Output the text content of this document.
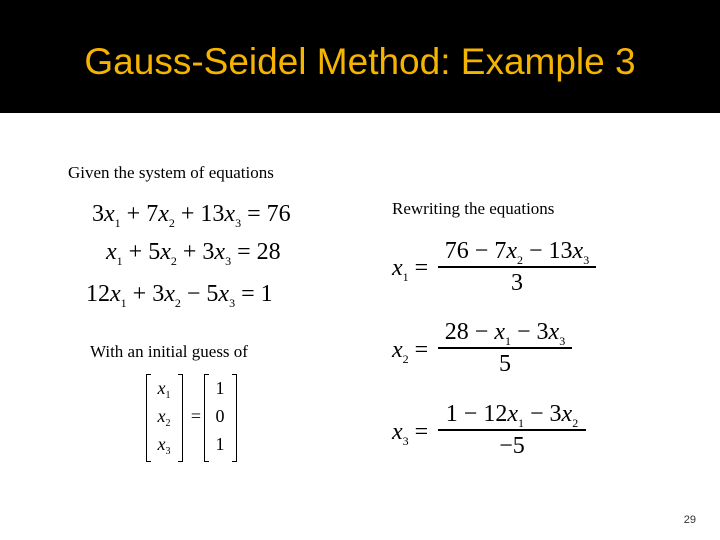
Gauss-Seidel Method: Example 3
Given the system of equations
$3x_1 + 7x_2 + 13x_3 = 76$
$x_1 + 5x_2 + 3x_3 = 28$
$12x_1 + 3x_2 - 5x_3 = 1$
With an initial guess of
$x_1$
$x_2$
$x_3$
=
1
0
1
Rewriting the equations
$x_1$ =
$76 - 7x_2 - 13x_3$
3
$x_2$ =
$28 - x_1 - 3x_3$
5
$x_3$ =
$1 - 12x_1 - 3x_2$
−5
29
